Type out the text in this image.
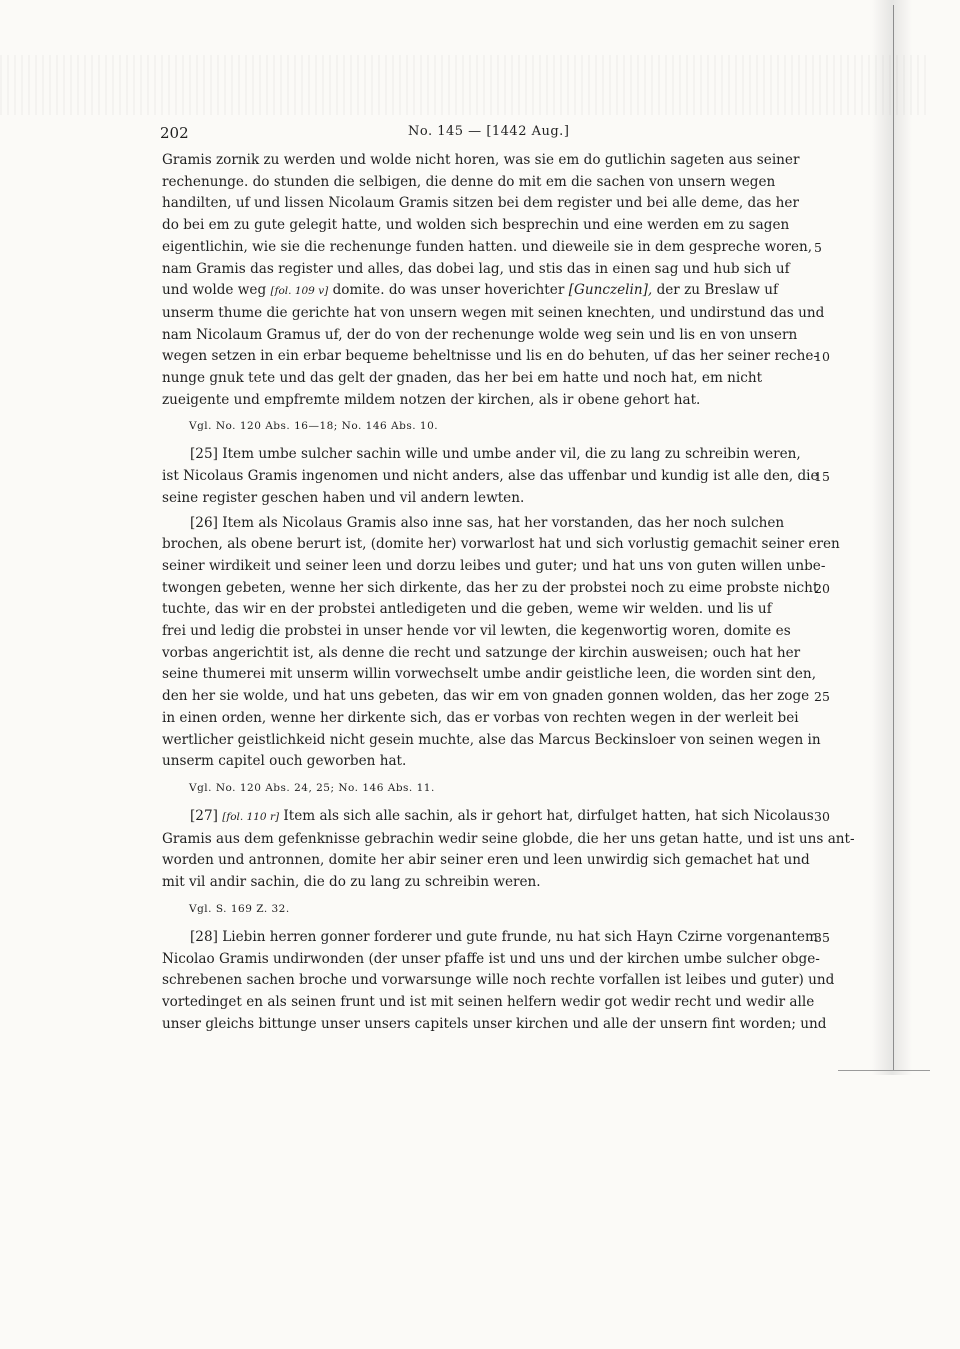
202	No. 145 — [1442 Aug.]

Gramis zornik zu werden und wolde nicht horen, was sie em do gutlichin sageten aus seiner
rechenunge. do stunden die selbigen, die denne do mit em die sachen von unsern wegen
handilten, uf und lissen Nicolaum Gramis sitzen bei dem register und bei alle deme, das her
do bei em zu gute gelegit hatte, und wolden sich besprechin und eine werden em zu sagen
eigentlichin, wie sie die rechenunge funden hatten. und dieweile sie in dem gespreche woren, 5
nam Gramis das register und alles, das dobei lag, und stis das in einen sag und hub sich uf
und wolde weg [fol. 109 v] domite. do was unser hoverichter [Gunczelin], der zu Breslaw uf
unserm thume die gerichte hat von unsern wegen mit seinen knechten, und undirstund das und
nam Nicolaum Gramus uf, der do von der rechenunge wolde weg sein und lis en von unsern
wegen setzen in ein erbar bequeme beheltnisse und lis en do behuten, uf das her seiner reche-
10
nunge gnuk tete und das gelt der gnaden, das her bei em hatte und noch hat, em nicht
zueigente und empfremte mildem notzen der kirchen, als ir obene gehort hat.

Vgl. No. 120 Abs. 16—18; No. 146 Abs. 10.

[25] Item umbe sulcher sachin wille und umbe ander vil, die zu lang zu schreibin weren,
ist Nicolaus Gramis ingenomen und nicht anders, alse das uffenbar und kundig ist alle den, die
15
seine register geschen haben und vil andern lewten.

[26] Item als Nicolaus Gramis also inne sas, hat her vorstanden, das her noch sulchen
brochen, als obene berurt ist, (domite her) vorwarlost hat und sich vorlustig gemachit seiner eren
seiner wirdikeit und seiner leen und dorzu leibes und guter; und hat uns von guten willen unbe-
twongen gebeten, wenne her sich dirkente, das her zu der probstei noch zu eime probste nicht
20
tuchte, das wir en der probstei antledigeten und die geben, weme wir welden. und lis uf
frei und ledig die probstei in unser hende vor vil lewten, die kegenwortig woren, domite es
vorbas angerichtit ist, als denne die recht und satzunge der kirchin ausweisen; ouch hat her
seine thumerei mit unserm willin vorwechselt umbe andir geistliche leen, die worden sint den,
den her sie wolde, und hat uns gebeten, das wir em von gnaden gonnen wolden, das her zoge 25
in einen orden, wenne her dirkente sich, das er vorbas von rechten wegen in der werleit bei
wertlicher geistlichkeid nicht gesein muchte, alse das Marcus Beckinsloer von seinen wegen in
unserm capitel ouch geworben hat.

Vgl. No. 120 Abs. 24, 25; No. 146 Abs. 11.

[27] [fol. 110 r] Item als sich alle sachin, als ir gehort hat, dirfulget hatten, hat sich Nicolaus 30
Gramis aus dem gefenknisse gebrachin wedir seine globde, die her uns getan hatte, und ist uns ant-
worden und antronnen, domite her abir seiner eren und leen unwirdig sich gemachet hat und
mit vil andir sachin, die do zu lang zu schreibin weren.

Vgl. S. 169 Z. 32.

[28] Liebin herren gonner forderer und gute frunde, nu hat sich Hayn Czirne vorgenantem
35
Nicolao Gramis undirwonden (der unser pfaffe ist und uns und der kirchen umbe sulcher obge-
schrebenen sachen broche und vorwarsunge wille noch rechte vorfallen ist leibes und guter) und
vortedinget en als seinen frunt und ist mit seinen helfern wedir got wedir recht und wedir alle
unser gleichs bittunge unser unsers capitels unser kirchen und alle der unsern fint worden; und
